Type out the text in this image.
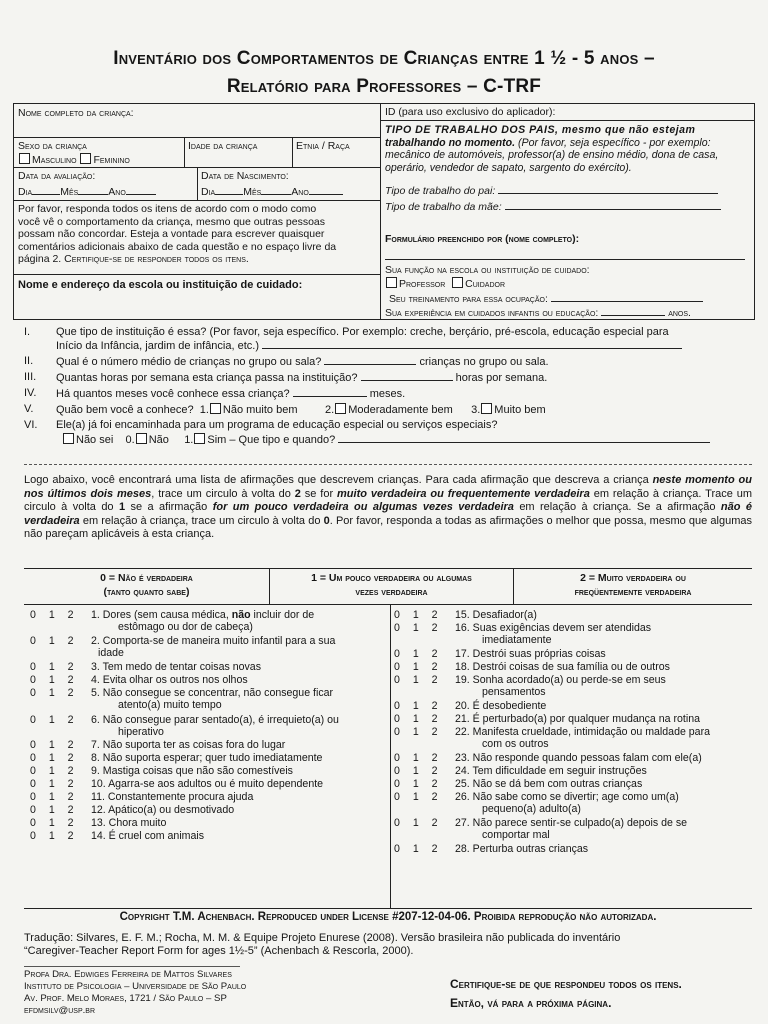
Inventário dos Comportamentos de Crianças entre 1 ½ - 5 anos –
Relatório para Professores – C-TRF
Nome completo da criança:
Sexo da criança
Masculino Feminino
Idade da criança	Etnia / Raça
Data da avaliação:
Dia	Mês	Ano
Data de Nascimento:
Dia	Mês	Ano
Por favor, responda todos os itens de acordo com o modo como
você vê o comportamento da criança, mesmo que outras pessoas
possam não concordar. Esteja a vontade para escrever quaisquer
comentários adicionais abaixo de cada questão e no espaço livre da
página 2. Certifique-se de responder todos os itens.
Nome e endereço da escola ou instituição de cuidado:
ID (para uso exclusivo do aplicador):
TIPO DE TRABALHO DOS PAIS, mesmo que não estejam
trabalhando no momento. (Por favor, seja específico - por exemplo:
mecânico de automóveis, professor(a) de ensino médio, dona de casa,
operário, vendedor de sapato, sargento do exército).
Tipo de trabalho do pai:
Tipo de trabalho da mãe:
Formulário preenchido por (nome completo):
Sua função na escola ou instituição de cuidado:
Professor Cuidador
Seu treinamento para essa ocupação:
Sua experiência em cuidados infantis ou educação:	anos.
I.	Que tipo de instituição é essa? (Por favor, seja específico. Por exemplo: creche, berçário, pré-escola, educação especial para
Início da Infância, jardim de infância, etc.)
II.	Qual é o número médio de crianças no grupo ou sala?	crianças no grupo ou sala.
III. Quantas horas por semana esta criança passa na instituição?	horas por semana.
IV. Há quantos meses você conhece essa criança?	meses.
V.	Quão bem você a conhece? 1. Não muito bem	2. Moderadamente bem 3. Muito bem
VI. Ele(a) já foi encaminhada para um programa de educação especial ou serviços especiais?
Não sei 0. Não 1. Sim – Que tipo e quando?
Logo abaixo, você encontrará uma lista de afirmações que descrevem crianças. Para cada afirmação que descreva a criança neste momento ou nos últimos dois meses, trace um circulo à volta do 2 se for muito verdadeira ou frequentemente verdadeira em relação à criança. Trace um circulo à volta do 1 se a afirmação for um pouco verdadeira ou algumas vezes verdadeira em relação à criança. Se a afirmação não é verdadeira em relação à criança, trace um circulo à volta do 0. Por favor, responda a todas as afirmações o melhor que possa, mesmo que algumas não pareçam aplicáveis à esta criança.
0 = Não é verdadeira
(tanto quanto sabe)
1 = Um pouco verdadeira ou algumas
vezes verdadeira
2 = Muito verdadeira ou
freqüentemente verdadeira
0 1 2	1. Dores (sem causa médica, não incluir dor de
estômago ou dor de cabeça)
0 1 2	2. Comporta-se de maneira muito infantil para a sua
idade
0 1 2	3. Tem medo de tentar coisas novas
0 1 2	4. Evita olhar os outros nos olhos
0 1 2	5. Não consegue se concentrar, não consegue ficar
atento(a) muito tempo
0 1 2	6. Não consegue parar sentado(a), é irrequieto(a) ou
hiperativo
0 1 2	7. Não suporta ter as coisas fora do lugar
0 1 2	8. Não suporta esperar; quer tudo imediatamente
0 1 2	9. Mastiga coisas que não são comestíveis
0 1 2	10. Agarra-se aos adultos ou é muito dependente
0 1 2	11. Constantemente procura ajuda
0 1 2	12. Apático(a) ou desmotivado
0 1 2	13. Chora muito
0 1 2	14. É cruel com animais
0 1 2	15. Desafiador(a)
0 1 2	16. Suas exigências devem ser atendidas
imediatamente
0 1 2	17. Destrói suas próprias coisas
0 1 2	18. Destrói coisas de sua família ou de outros
0 1 2	19. Sonha acordado(a) ou perde-se em seus
pensamentos
0 1 2	20. É desobediente
0 1 2	21. É perturbado(a) por qualquer mudança na rotina
0 1 2	22. Manifesta crueldade, intimidação ou maldade para
com os outros
0 1 2	23. Não responde quando pessoas falam com ele(a)
0 1 2	24. Tem dificuldade em seguir instruções
0 1 2	25. Não se dá bem com outras crianças
0 1 2	26. Não sabe como se divertir; age como um(a)
pequeno(a) adulto(a)
0 1 2	27. Não parece sentir-se culpado(a) depois de se
comportar mal
0 1 2	28. Perturba outras crianças
Copyright T.M. Achenbach. Reproduced under License #207-12-04-06. Proibida reprodução não autorizada.
Tradução: Silvares, E. F. M.; Rocha, M. M. & Equipe Projeto Enurese (2008). Versão brasileira não publicada do inventário
“Caregiver-Teacher Report Form for ages 1½-5” (Achenbach & Rescorla, 2000).
Profa Dra. Edwiges Ferreira de Mattos Silvares
Instituto de Psicologia – Universidade de São Paulo
Av. Prof. Melo Moraes, 1721 / São Paulo – SP
efdmsilv@usp.br
Certifique-se de que respondeu todos os itens.
Então, vá para a próxima página.
